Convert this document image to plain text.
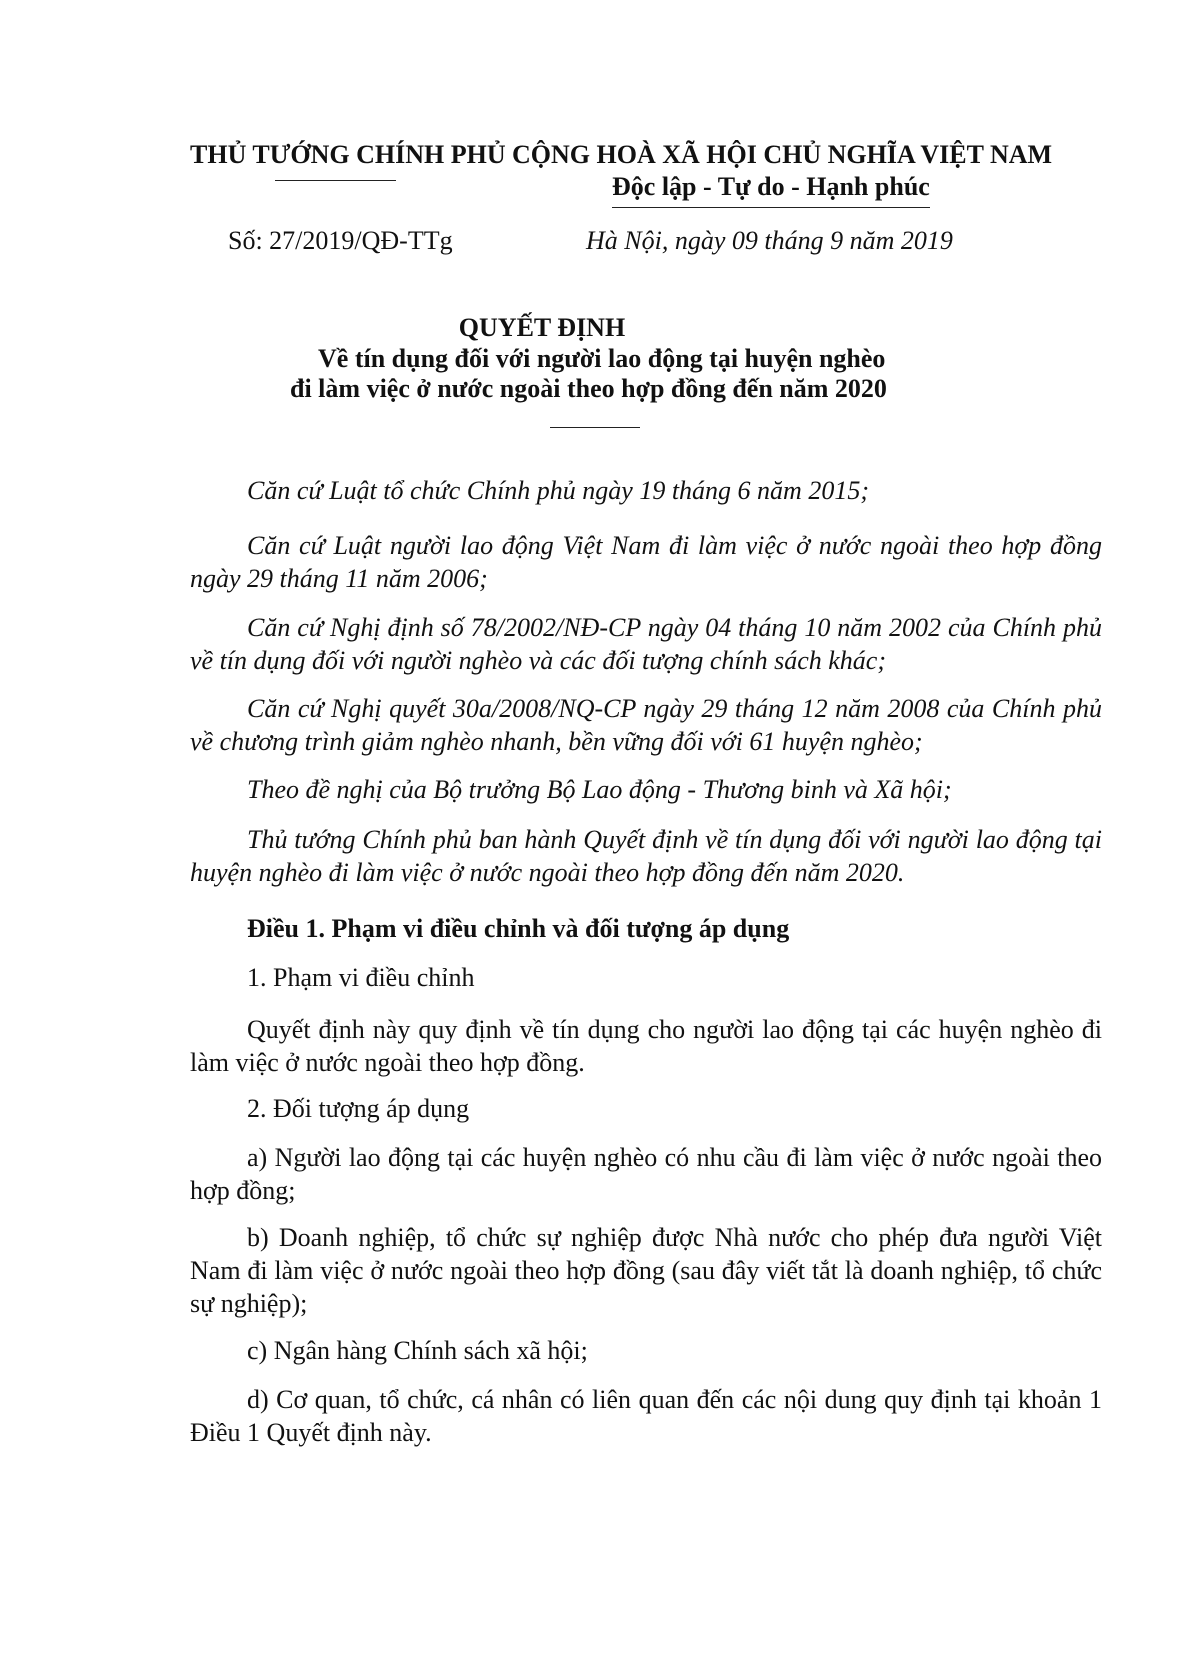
THỦ TƯỚNG CHÍNH PHỦ CỘNG HOÀ XÃ HỘI CHỦ NGHĨA VIỆT NAM
Độc lập - Tự do - Hạnh phúc
Số: 27/2019/QĐ-TTg	Hà Nội, ngày 09 tháng 9 năm 2019
QUYẾT ĐỊNH
Về tín dụng đối với người lao động tại huyện nghèo
đi làm việc ở nước ngoài theo hợp đồng đến năm 2020
Căn cứ Luật tổ chức Chính phủ ngày 19 tháng 6 năm 2015;
Căn cứ Luật người lao động Việt Nam đi làm việc ở nước ngoài theo hợp đồng ngày 29 tháng 11 năm 2006;
Căn cứ Nghị định số 78/2002/NĐ-CP ngày 04 tháng 10 năm 2002 của Chính phủ về tín dụng đối với người nghèo và các đối tượng chính sách khác;
Căn cứ Nghị quyết 30a/2008/NQ-CP ngày 29 tháng 12 năm 2008 của Chính phủ về chương trình giảm nghèo nhanh, bền vững đối với 61 huyện nghèo;
Theo đề nghị của Bộ trưởng Bộ Lao động - Thương binh và Xã hội;
Thủ tướng Chính phủ ban hành Quyết định về tín dụng đối với người lao động tại huyện nghèo đi làm việc ở nước ngoài theo hợp đồng đến năm 2020.
Điều 1. Phạm vi điều chỉnh và đối tượng áp dụng
1. Phạm vi điều chỉnh
Quyết định này quy định về tín dụng cho người lao động tại các huyện nghèo đi làm việc ở nước ngoài theo hợp đồng.
2. Đối tượng áp dụng
a) Người lao động tại các huyện nghèo có nhu cầu đi làm việc ở nước ngoài theo hợp đồng;
b) Doanh nghiệp, tổ chức sự nghiệp được Nhà nước cho phép đưa người Việt Nam đi làm việc ở nước ngoài theo hợp đồng (sau đây viết tắt là doanh nghiệp, tổ chức sự nghiệp);
c) Ngân hàng Chính sách xã hội;
d) Cơ quan, tổ chức, cá nhân có liên quan đến các nội dung quy định tại khoản 1 Điều 1 Quyết định này.
